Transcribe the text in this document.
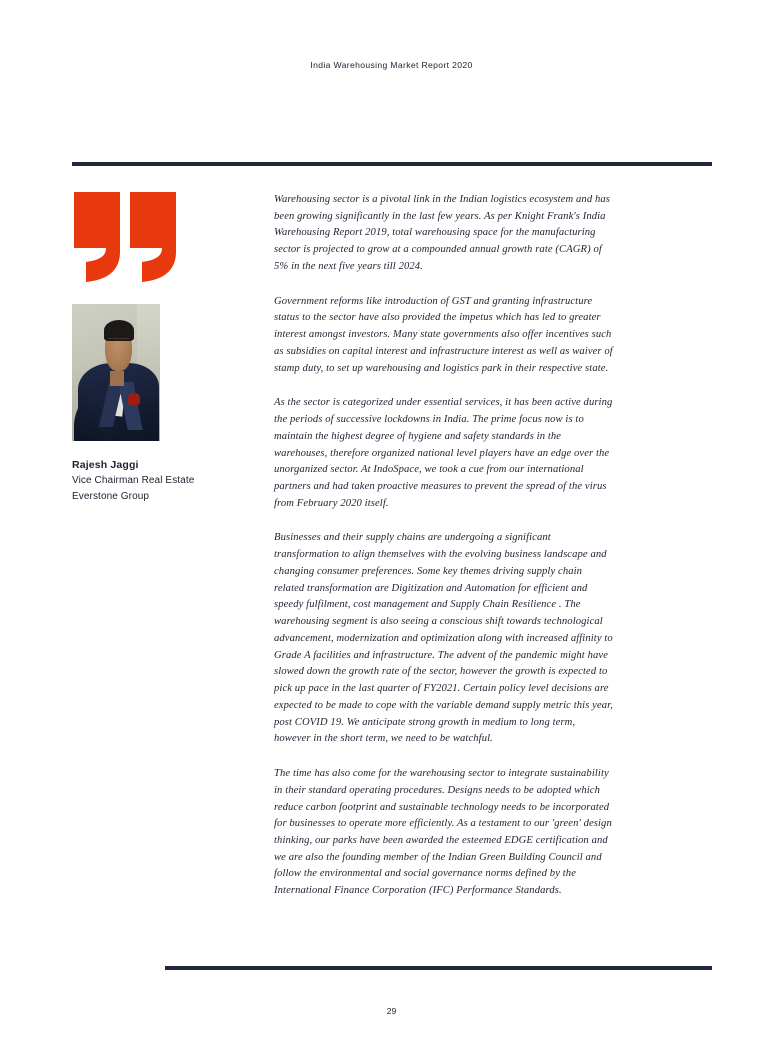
India Warehousing Market Report 2020
Rajesh Jaggi
Vice Chairman Real Estate
Everstone Group

Warehousing sector is a pivotal link in the Indian logistics ecosystem and has been growing significantly in the last few years. As per Knight Frank's India Warehousing Report 2019, total warehousing space for the manufacturing sector is projected to grow at a compounded annual growth rate (CAGR) of 5% in the next five years till 2024.

Government reforms like introduction of GST and granting infrastructure status to the sector have also provided the impetus which has led to greater interest amongst investors. Many state governments also offer incentives such as subsidies on capital interest and infrastructure interest as well as waiver of stamp duty, to set up warehousing and logistics park in their respective state.

As the sector is categorized under essential services, it has been active during the periods of successive lockdowns in India. The prime focus now is to maintain the highest degree of hygiene and safety standards in the warehouses, therefore organized national level players have an edge over the unorganized sector. At IndoSpace, we took a cue from our international partners and had taken proactive measures to prevent the spread of the virus from February 2020 itself.

Businesses and their supply chains are undergoing a significant transformation to align themselves with the evolving business landscape and changing consumer preferences. Some key themes driving supply chain related transformation are Digitization and Automation for efficient and speedy fulfilment, cost management and Supply Chain Resilience . The warehousing segment is also seeing a conscious shift towards technological advancement, modernization and optimization along with increased affinity to Grade A facilities and infrastructure. The advent of the pandemic might have slowed down the growth rate of the sector, however the growth is expected to pick up pace in the last quarter of FY2021. Certain policy level decisions are expected to be made to cope with the variable demand supply metric this year, post COVID 19. We anticipate strong growth in medium to long term, however in the short term, we need to be watchful.

The time has also come for the warehousing sector to integrate sustainability in their standard operating procedures. Designs needs to be adopted which reduce carbon footprint and sustainable technology needs to be incorporated for businesses to operate more efficiently. As a testament to our 'green' design thinking, our parks have been awarded the esteemed EDGE certification and we are also the founding member of the Indian Green Building Council and follow the environmental and social governance norms defined by the International Finance Corporation (IFC) Performance Standards.

29
